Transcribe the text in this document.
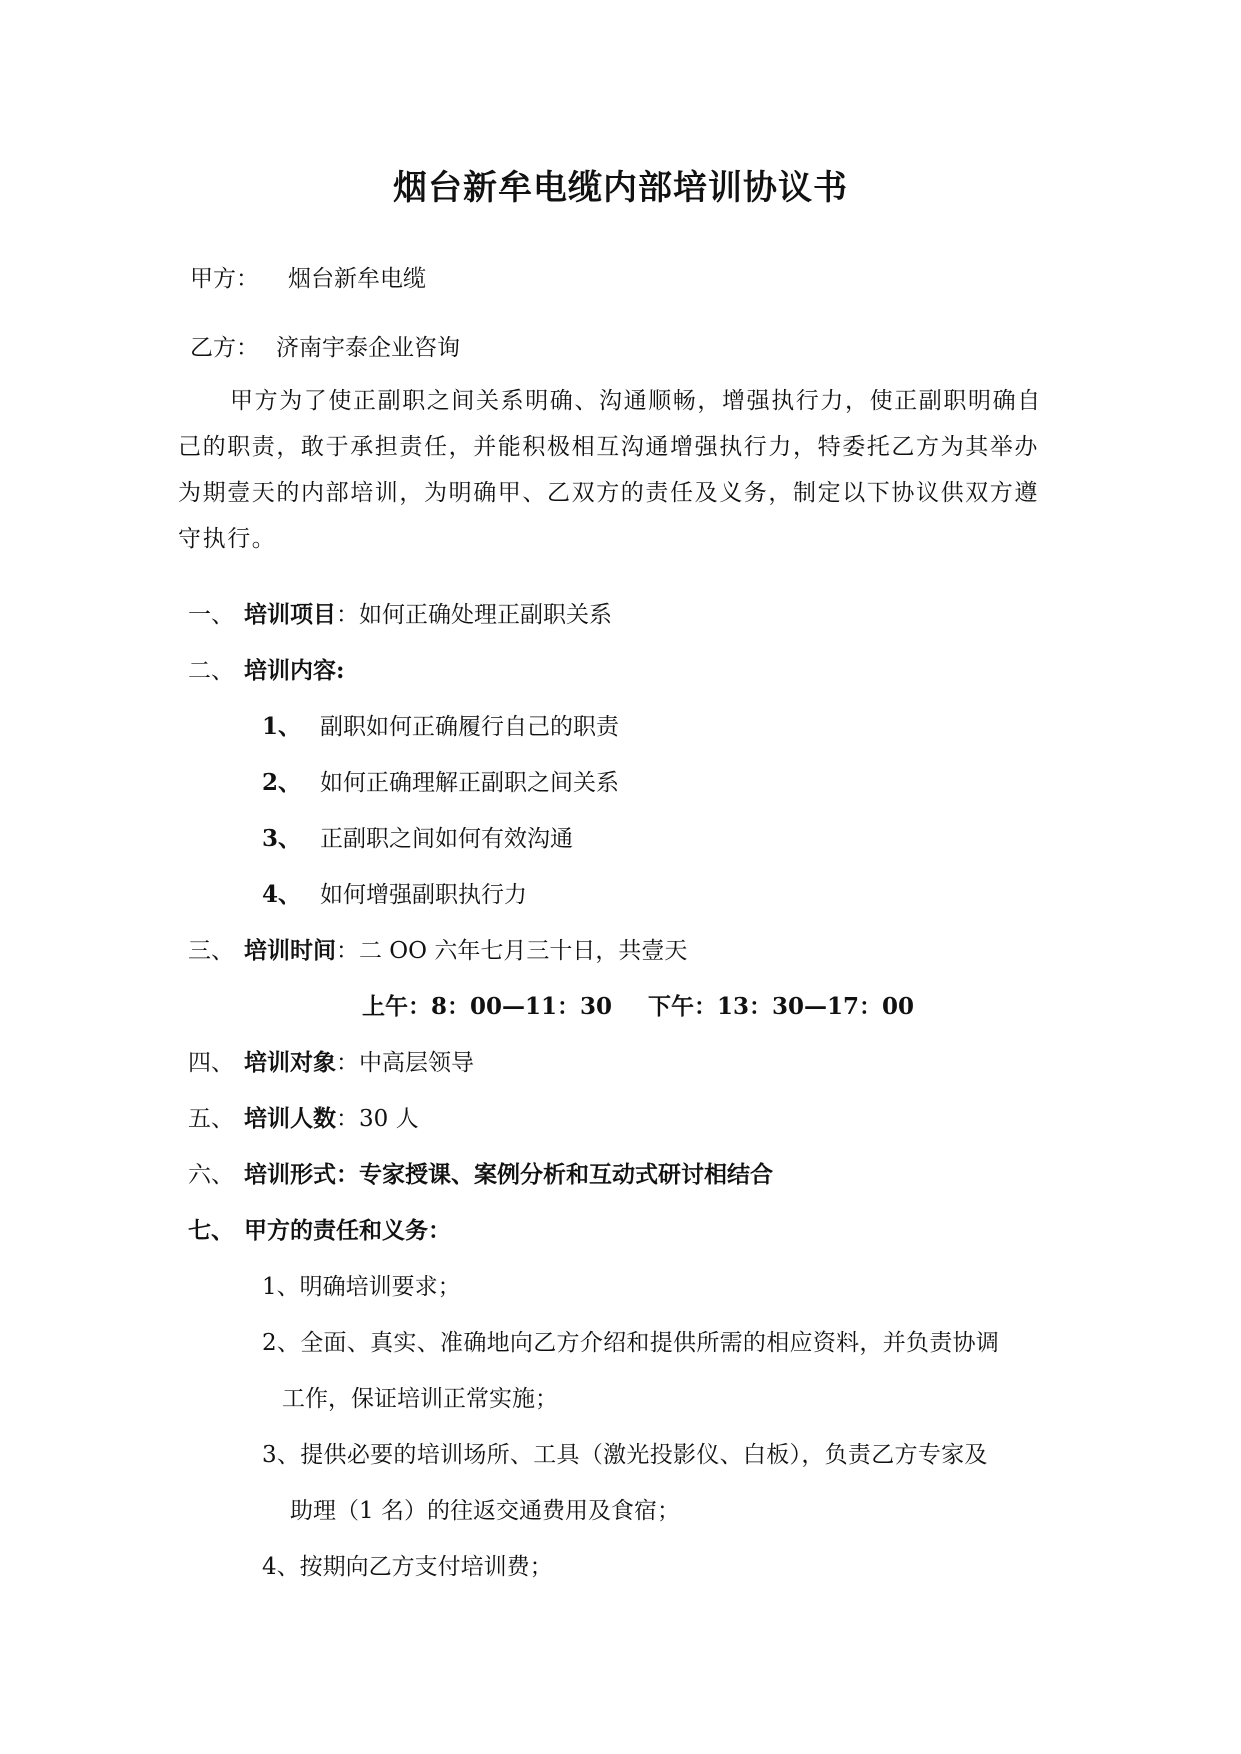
烟台新牟电缆内部培训协议书
甲方： 烟台新牟电缆
乙方： 济南宇泰企业咨询
甲方为了使正副职之间关系明确、沟通顺畅，增强执行力，使正副职明确自己的职责，敢于承担责任，并能积极相互沟通增强执行力，特委托乙方为其举办为期壹天的内部培训，为明确甲、乙双方的责任及义务，制定以下协议供双方遵守执行。
一、 培训项目：如何正确处理正副职关系
二、 培训内容:
1、 副职如何正确履行自己的职责
2、 如何正确理解正副职之间关系
3、 正副职之间如何有效沟通
4、 如何增强副职执行力
三、 培训时间：二 OO 六年七月三十日，共壹天
上午：8：00—11：30 下午：13：30—17：00
四、 培训对象：中高层领导
五、 培训人数：30 人
六、 培训形式：专家授课、案例分析和互动式研讨相结合
七、 甲方的责任和义务：
1、明确培训要求；
2、全面、真实、准确地向乙方介绍和提供所需的相应资料，并负责协调
工作，保证培训正常实施；
3、提供必要的培训场所、工具（激光投影仪、白板），负责乙方专家及
助理（1 名）的往返交通费用及食宿；
4、按期向乙方支付培训费；
